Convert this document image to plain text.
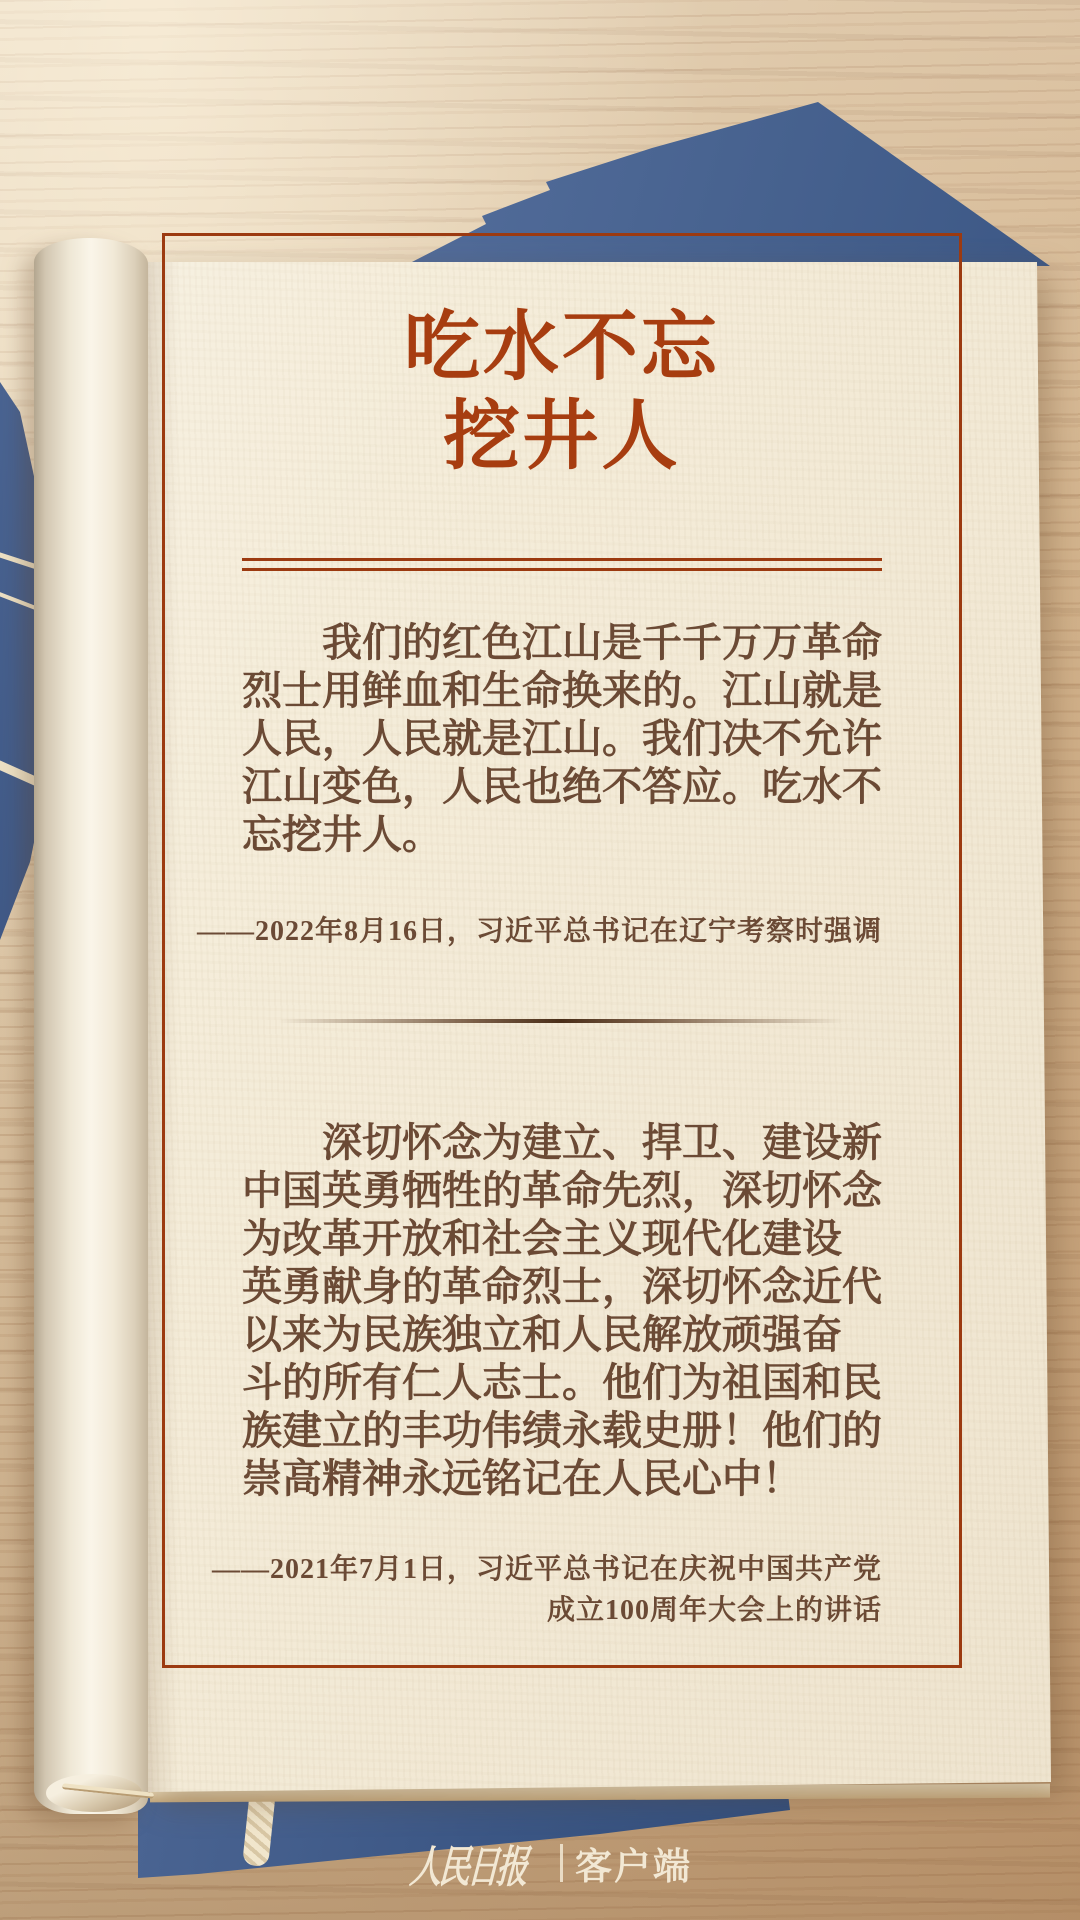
吃水不忘
挖井人
我们的红色江山是千千万万革命
烈士用鲜血和生命换来的。江山就是
人民，人民就是江山。我们决不允许
江山变色，人民也绝不答应。吃水不
忘挖井人。
——2022年8月16日，习近平总书记在辽宁考察时强调
深切怀念为建立、捍卫、建设新
中国英勇牺牲的革命先烈，深切怀念
为改革开放和社会主义现代化建设
英勇献身的革命烈士，深切怀念近代
以来为民族独立和人民解放顽强奋
斗的所有仁人志士。他们为祖国和民
族建立的丰功伟绩永载史册！他们的
崇高精神永远铭记在人民心中！
——2021年7月1日，习近平总书记在庆祝中国共产党
成立100周年大会上的讲话
人民日报 客户端
